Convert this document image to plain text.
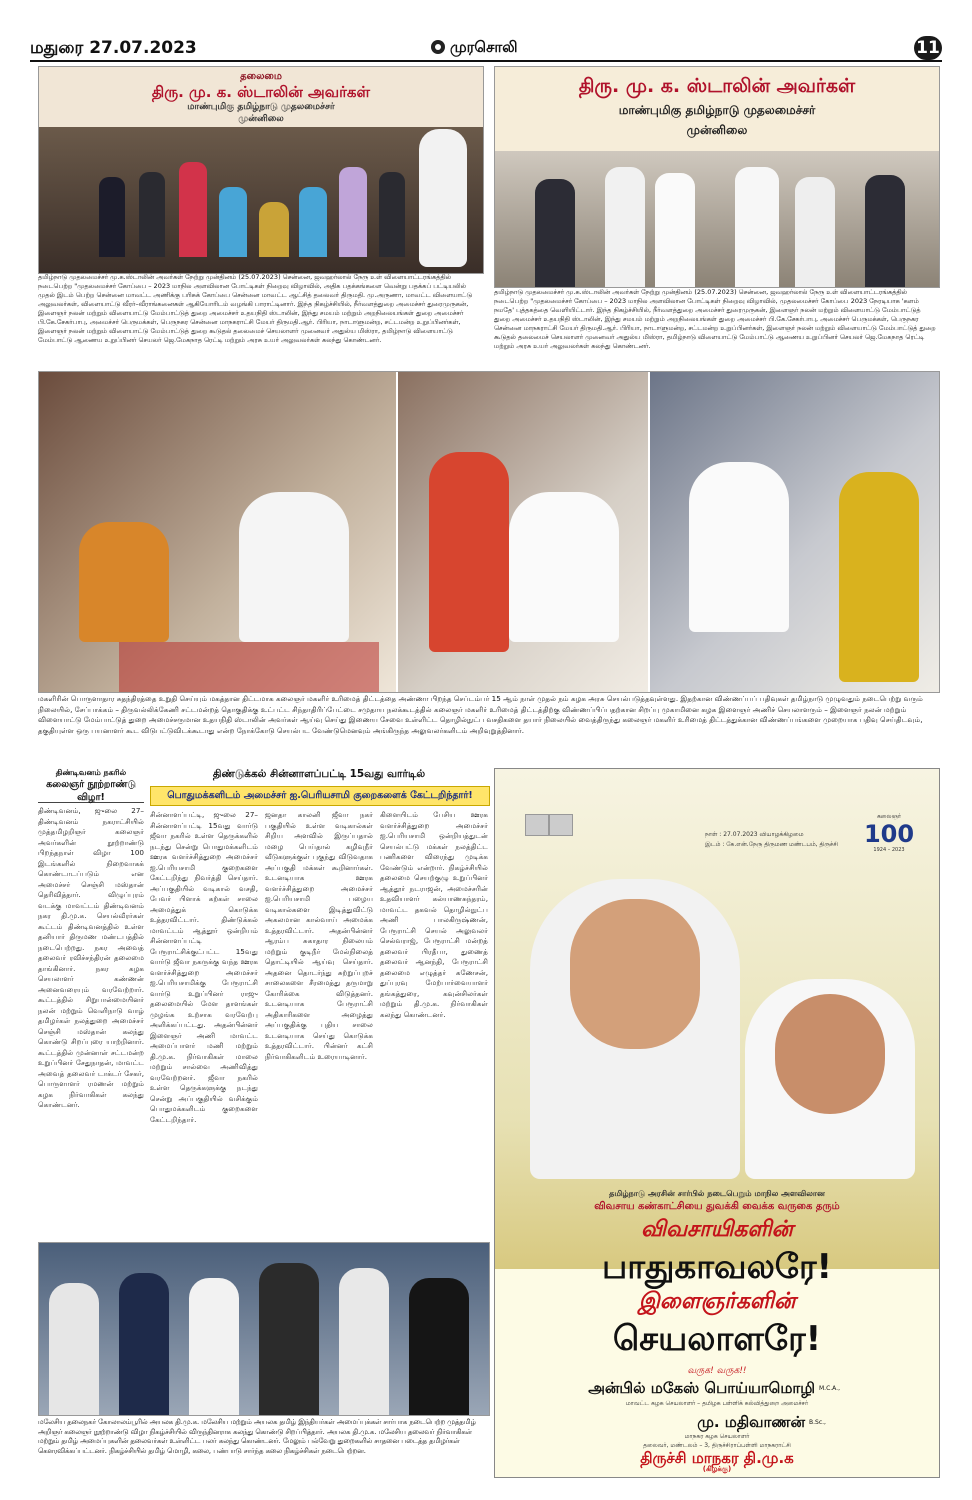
மதுரை 27.07.2023	முரசொலி	11
தலைமை
திரு. மு. க. ஸ்டாலின் அவர்கள்
மாண்புமிகு தமிழ்நாடு முதலமைச்சர்
முன்னிலை
தமிழ்நாடு முதலமைச்சர் மு.க.ஸ்டாலின் அவர்கள் நேற்று முன்தினம் (25.07.2023) சென்னை, ஜவஹர்லால் நேரு உள் விளையாட்டரங்கத்தில் நடைபெற்ற "முதலமைச்சர் கோப்பை – 2023 மாநில அளவிலான போட்டிகள் நிறைவு விழாவில், அதிக பதக்கங்களை வென்று பதக்கப் பட்டியலில் முதல் இடம் பெற்ற சென்னை மாவட்ட அணிக்கு பரிசுக் கோப்பை சென்னை மாவட்ட ஆட்சித் தலைவர் திருமதி. மு.அருணா, மாவட்ட விளையாட்டு அலுவலர்கள், விளையாட்டு வீரர்–வீராங்கனைகள் ஆகியோரிடம் வழங்கி பாராட்டினார். இந்த நிகழ்ச்சியில், நீர்வளத்துறை அமைச்சர் துரைமுருகன், இளைஞர் நலன் மற்றும் விளையாட்டு மேம்பாட்டுத் துறை அமைச்சர் உதயநிதி ஸ்டாலின், இந்து சமயம் மற்றும் அறநிலையங்கள் துறை அமைச்சர் பி.கே.சேகர்பாபு, அமைச்சர் பெருமக்கள், பெருநகர சென்னை மாநகராட்சி மேயர் திருமதி.ஆர். பிரியா, நாடாளுமன்ற, சட்டமன்ற உறுப்பினர்கள், இளைஞர் நலன் மற்றும் விளையாட்டு மேம்பாட்டுத் துறை கூடுதல் தலைமைச் செயலாளர் முனைவர் அதுல்ய மிஸ்ரா, தமிழ்நாடு விளையாட்டு மேம்பாட்டு ஆணைய உறுப்பினர் செயலர் ஜெ.மேகநாத ரெட்டி மற்றும் அரசு உயர் அலுவலர்கள் கலந்து கொண்டனர்.
திரு. மு. க. ஸ்டாலின் அவர்கள்
மாண்புமிகு தமிழ்நாடு முதலமைச்சர்
முன்னிலை
தமிழ்நாடு முதலமைச்சர் மு.க.ஸ்டாலின் அவர்கள் நேற்று முன்தினம் (25.07.2023) சென்னை, ஜவஹர்லால் நேரு உள் விளையாட்டரங்கத்தில் நடைபெற்ற "முதலமைச்சர் கோப்பை – 2023 மாநில அளவிலான போட்டிகள் நிறைவு விழாவில், முதலமைச்சர் கோப்பை 2023 நேரடியாக 'களம் நமதே' புத்தகத்தை வெளியிட்டார். இந்த நிகழ்ச்சியில், நீர்வளத்துறை அமைச்சர் துரைமுருகன், இளைஞர் நலன் மற்றும் விளையாட்டு மேம்பாட்டுத் துறை அமைச்சர் உதயநிதி ஸ்டாலின், இந்து சமயம் மற்றும் அறநிலையங்கள் துறை அமைச்சர் பி.கே.சேகர்பாபு, அமைச்சர் பெருமக்கள், பெருநகர சென்னை மாநகராட்சி மேயர் திருமதி.ஆர். பிரியா, நாடாளுமன்ற, சட்டமன்ற உறுப்பினர்கள், இளைஞர் நலன் மற்றும் விளையாட்டு மேம்பாட்டுத் துறை கூடுதல் தலைமைச் செயலாளர் முனைவர் அதுல்ய மிஸ்ரா, தமிழ்நாடு விளையாட்டு மேம்பாட்டு ஆணைய உறுப்பினர் செயலர் ஜெ.மேகநாத ரெட்டி மற்றும் அரசு உயர் அலுவலர்கள் கலந்து கொண்டனர்.
மகளிரின் பொருளாதார சுதந்திரத்தை உறுதி செய்யும் மகத்தான திட்டமாக கலைஞர் மகளிர் உரிமைத் திட்டத்தை அண்ணா பிறந்த செப்டம்பர் 15 ஆம் நாள் முதல் நம் கழக அரசு செயல்படுத்தவுள்ளது. இதற்கான விண்ணப்பப் பதிவுகள் தமிழ்நாடு முழுவதும் நடைபெற்று வரும் நிலையில், சேப்பாக்கம் – திருவல்லிக்கேணி சட்டமன்றத் தொகுதிக்கு உட்பட்ட சிந்தாதிரிப்பேட்டை சமுதாய நலக்கூடத்தில் கலைஞர் மகளிர் உரிமைத் திட்டத்திற்கு விண்ணப்பிப்பதற்கான சிறப்பு முகாமினை கழக இளைஞர் அணிச் செயலாளரும் – இளைஞர் நலன் மற்றும் விளையாட்டு மேம்பாட்டுத் துறை அமைச்சருமான உதயநிதி ஸ்டாலின் அவர்கள் ஆய்வு செய்து இணைய சேவை உள்ளிட்ட தொழில்நுட்ப வசதிகளை தயார் நிலையில் வைத்திருந்து கலைஞர் மகளிர் உரிமைத் திட்டத்துக்கான விண்ணப்பங்களை முறையாக பதிவு செய்திடவும், தகுதியுள்ள ஒரு பயனாளர் கூட விடுபட்டுவிடக்கூடாது என்ற நோக்கோடு செயல்பட வேண்டுமெனவும் அங்கிருந்த அலுவலர்களிடம் அறிவுறுத்தினார்.
திண்டிவனம் நகரில்
கலைஞர் நூற்றாண்டு விழா!
திண்டிவனம், ஜுலை 27– திண்டிவனம் நகராட்சியில் முத்தமிழறிஞர் கலைஞர் அவர்களின் நூற்றாண்டு பிறந்தநாள் விழா 100 இடங்களில் நிறைவாகக் கொண்டாடப்படும் என அமைச்சர் செஞ்சி மஸ்தான் தெரிவித்தார். விழுப்புரம் வடக்கு மாவட்டம் திண்டிவனம் நகர தி.மு.க. செயல்வீரர்கள் கூட்டம் திண்டிவனத்தில் உள்ள தனியார் திருமண மண்டபத்தில் நடைபெற்றது. நகர அவைத் தலைவர் ரவிச்சந்திரன் தலைமை தாங்கினார். நகர கழக செயலாளர் கண்ணன் அனைவரையும் வரவேற்றார். கூட்டத்தில் சிறுபான்மையினர் நலன் மற்றும் வெளிநாடு வாழ் தமிழர்கள் நலத்துறை அமைச்சர் செஞ்சி மஸ்தான் கலந்து கொண்டு சிறப்புரை யாற்றினார். கூட்டத்தில் முன்னாள் சட்டமன்ற உறுப்பினர் சேதுநாதன், மாவட்ட அவைத் தலைவர் டாக்டர் சேகர், பொருளாளர் ரமணன் மற்றும் கழக நிர்வாகிகள் கலந்து கொண்டனர்.
திண்டுக்கல் சின்னாளப்பட்டி 15வது வார்டில்
பொதுமக்களிடம் அமைச்சர் ஐ.பெரியசாமி குறைகளைக் கேட்டறிந்தார்!
சின்னாளப்பட்டி, ஜுலை 27– சின்னாளப்பட்டி 15வது வார்டு ஜீவா நகரில் உள்ள தெருக்களில் நடந்து சென்று பொதுமக்களிடம் ஊரக வளர்ச்சித்துறை அமைச்சர் ஐ.பெரியசாமி குறைகளை கேட்டறிந்து நிவர்த்தி செய்தார். அப்பகுதியில் வடிகால் வசதி, பேவர் பிளாக் கற்கள் சாலை அமைத்துக் கொடுக்க உத்தரவிட்டார். திண்டுக்கல் மாவட்டம் ஆத்தூர் ஒன்றியம் சின்னாளப்பட்டி பேரூராட்சிக்குட்பட்ட 15வது வார்டு ஜீவா நகருக்கு வந்த ஊரக வளர்ச்சித்துறை அமைச்சர் ஐ.பெரியசாமிக்கு பேரூராட்சி வார்டு உறுப்பினர் ராஜு தலைமையில் மேள தாளங்கள் முழங்க உற்சாக வரவேற்பு அளிக்கப்பட்டது. அதன்பின்னர் இளைஞர் அணி மாவட்ட அமைப்பாளர் மணி மற்றும் தி.மு.க. நிர்வாகிகள் மாலை மற்றும் சால்வை அணிவித்து வரவேற்றனர். ஜீவா நகரில் உள்ள தெருக்களுக்கு நடந்து சென்று அப்பகுதியில் வசிக்கும் பொதுமக்களிடம் குறைகளை கேட்டறிந்தார்.
ஜனதா காலனி ஜீவா நகர் பகுதியில் உள்ள வடிகால்கள் சிறிய அளவில் இருப்பதால் மழை பெய்தால் கழிவுநீர் வீடுகளுக்குள் புகுந்து விடுவதாக அப்பகுதி மக்கள் கூறினார்கள். உடனடியாக ஊரக வளர்ச்சித்துறை அமைச்சர் ஐ.பெரியசாமி பழைய வடிகால்களை இடித்துவிட்டு அகலமான கால்வாய் அமைக்க உத்தரவிட்டார். அதன்பின்னர் ஆரம்ப சுகாதார நிலையம் மற்றும் குடிநீர் மேல்நிலைத் தொட்டியில் ஆய்வு செய்தார். அதனை தொடர்ந்து சுற்றுப்புறச் சாலைகளை சீரமைத்து தருமாறு கோரிக்கை விடுத்தனர். உடனடியாக பேரூராட்சி அதிகாரிகளை அழைத்து அப்பகுதிக்கு புதிய சாலை உடனடியாக செய்து கொடுக்க உத்தரவிட்டார். பின்னர் கட்சி நிர்வாகிகளிடம் உரையாடினார்.
கிளையிடம் பேசிய ஊரக வளர்ச்சித்துறை அமைச்சர் ஐ.பெரியசாமி ஒன்றியத்துடன் செயல்பட்டு மக்கள் நலத்திட்ட பணிகளை விரைந்து முடிக்க வேண்டும் என்றார். நிகழ்ச்சியில் தலைமை செயற்குழு உறுப்பினர் ஆத்தூர் நடராஜன், அமைச்சரின் உதவியாளர் கல்யாணசுந்தரம், மாவட்ட தகவல் தொழில்நுட்ப அணி பாலகிருஷ்ணன், பேரூராட்சி செயல் அலுவலர் செல்வராஜ், பேரூராட்சி மன்றத் தலைவர் பிரதீபா, துணைத் தலைவர் ஆனந்தி, பேரூராட்சி தலைமை எழுத்தர் கணேசன், துப்புரவு மேற்பார்வையாளர் தங்கத்துரை, கவுன்சிலர்கள் மற்றும் தி.மு.க. நிர்வாகிகள் கலந்து கொண்டனர்.
மலேசிய தலைநகர் கோலாலம்பூரில் அயலக தி.மு.க. மலேசிய மற்றும் அயலக தமிழ் இந்தியர்கள் அமைப்புக்கள் சார்பாக நடைபெற்ற முத்தமிழ் அறிஞர் கலைஞர் நூற்றாண்டு விழா நிகழ்ச்சியில் விருந்தினராக கலந்து கொண்டு சிறப்பித்தார். அயலக தி.மு.க. மலேசிய தலைவர் நிர்வாகிகள் மற்றும் தமிழ் அமைப்புகளின் தலைவர்கள் உள்ளிட்ட பலர் கலந்து கொண்டனர். மேலும் பல்வேறு துறைகளில் சாதனை படைத்த தமிழர்கள் கௌரவிக்கப்பட்டனர். நிகழ்ச்சியில் தமிழ் மொழி, கலை, பண்பாடு சார்ந்த கலை நிகழ்ச்சிகள் நடைபெற்றன.
நாள் : 27.07.2023 வியாழக்கிழமை
இடம் : கே.என்.நேரு திருமண மண்டபம், திருச்சி
கலைஞர்
100
1924 – 2023
தமிழ்நாடு அரசின் சார்பில் நடைபெறும் மாநில அளவிலான
விவசாய கண்காட்சியை துவக்கி வைக்க வருகை தரும்
விவசாயிகளின்
பாதுகாவலரே!
இளைஞர்களின்
செயலாளரே!
வருக! வருக!!
அன்பில் மகேஸ் பொய்யாமொழி M.C.A.,
மாவட்ட கழக செயலாளர் – தமிழக பள்ளிக் கல்வித்துறை அமைச்சர்
மு. மதிவாணன் B.Sc.,
மாநகர கழக செயலாளர்
தலைவர், மண்டலம் – 3, திருச்சிராப்பள்ளி மாநகராட்சி
திருச்சி மாநகர தி.மு.க
(கிழக்கு)
